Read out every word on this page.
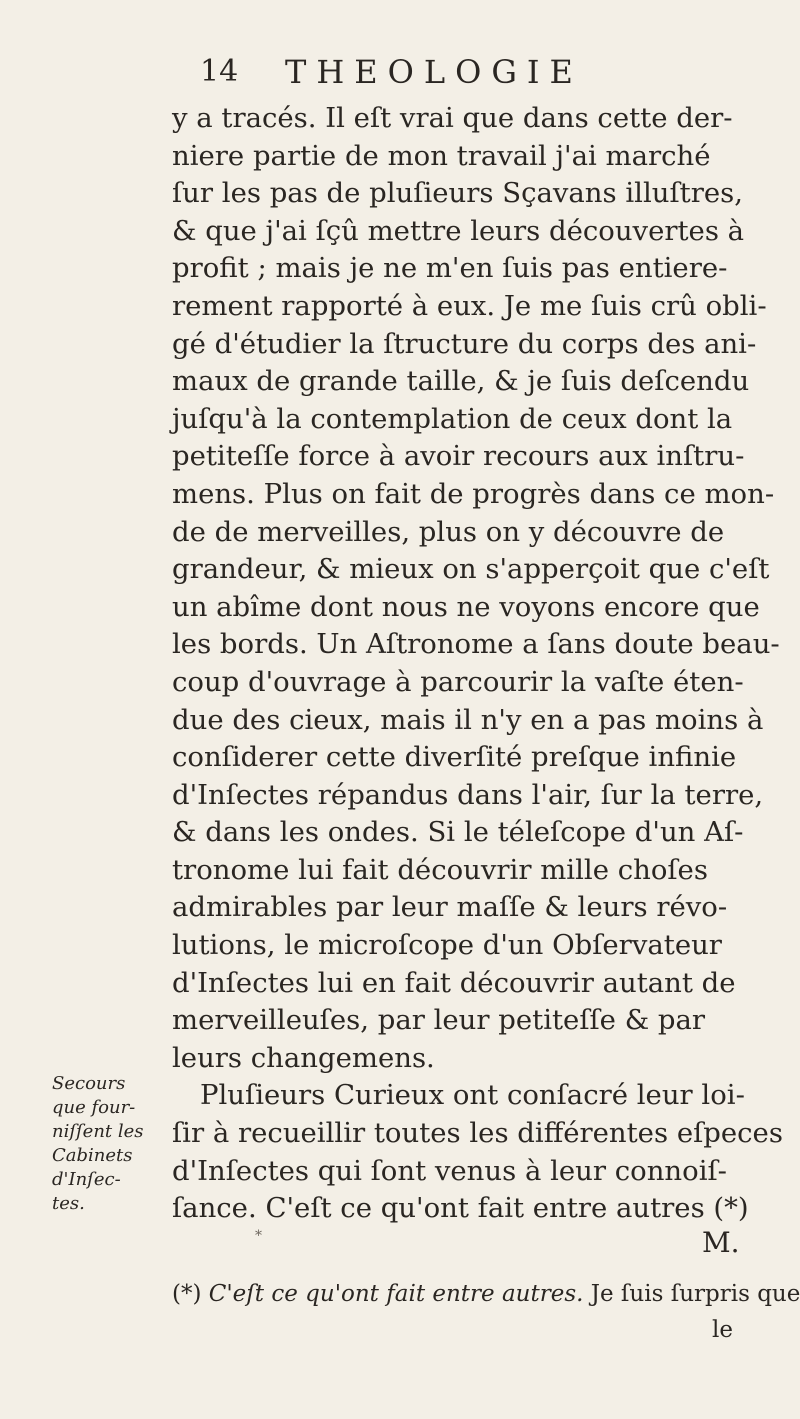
14 THEOLOGIE
y a tracés. Il eſt vrai que dans cette der-
niere partie de mon travail j'ai marché
ſur les pas de pluſieurs Sçavans illuſtres,
& que j'ai ſçû mettre leurs découvertes à
profit ; mais je ne m'en ſuis pas entiere-
rement rapporté à eux. Je me ſuis crû obli-
gé d'étudier la ſtructure du corps des ani-
maux de grande taille, & je ſuis deſcendu
juſqu'à la contemplation de ceux dont la
petiteſſe force à avoir recours aux inſtru-
mens. Plus on fait de progrès dans ce mon-
de de merveilles, plus on y découvre de
grandeur, & mieux on s'apperçoit que c'eſt
un abîme dont nous ne voyons encore que
les bords. Un Aſtronome a ſans doute beau-
coup d'ouvrage à parcourir la vaſte éten-
due des cieux, mais il n'y en a pas moins à
conſiderer cette diverſité preſque infinie
d'Inſectes répandus dans l'air, ſur la terre,
& dans les ondes. Si le téleſcope d'un Aſ-
tronome lui fait découvrir mille choſes
admirables par leur maſſe & leurs révo-
lutions, le microſcope d'un Obſervateur
d'Inſectes lui en fait découvrir autant de
merveilleuſes, par leur petiteſſe & par
leurs changemens.
Pluſieurs Curieux ont conſacré leur loi-
ſir à recueillir toutes les différentes eſpeces
d'Inſectes qui ſont venus à leur connoiſ-
ſance. C'eſt ce qu'ont fait entre autres (*)
Secours
que four-
niſſent les
Cabinets
d'Inſec-
tes.
*	M.
(*) C'eſt ce qu'ont fait entre autres. Je ſuis ſurpris que
le
